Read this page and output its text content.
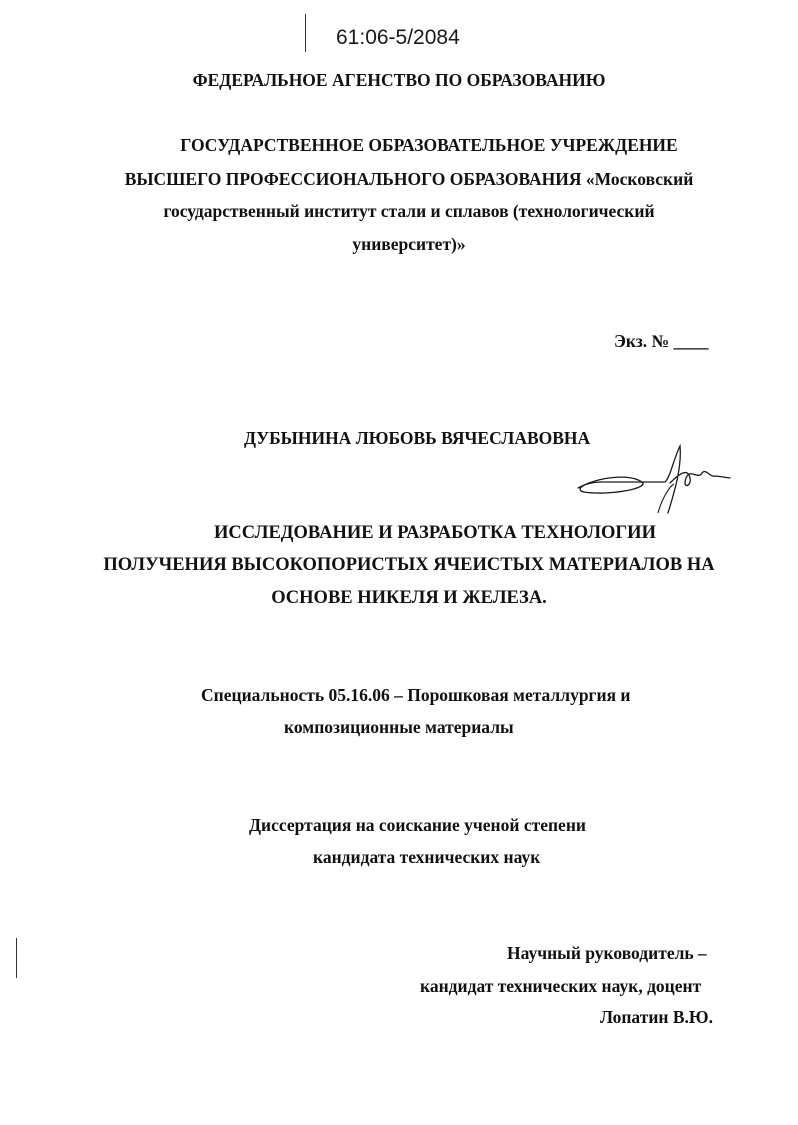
61:06-5/2084
ФЕДЕРАЛЬНОЕ АГЕНСТВО ПО ОБРАЗОВАНИЮ
ГОСУДАРСТВЕННОЕ ОБРАЗОВАТЕЛЬНОЕ УЧРЕЖДЕНИЕ
ВЫСШЕГО ПРОФЕССИОНАЛЬНОГО ОБРАЗОВАНИЯ «Московский
государственный институт стали и сплавов (технологический
университет)»
Экз. № ____
ДУБЫНИНА ЛЮБОВЬ ВЯЧЕСЛАВОВНА
ИССЛЕДОВАНИЕ И РАЗРАБОТКА ТЕХНОЛОГИИ
ПОЛУЧЕНИЯ ВЫСОКОПОРИСТЫХ ЯЧЕИСТЫХ МАТЕРИАЛОВ НА
ОСНОВЕ НИКЕЛЯ И ЖЕЛЕЗА.
Специальность 05.16.06 – Порошковая металлургия и
композиционные материалы
Диссертация на соискание ученой степени
кандидата технических наук
Научный руководитель –
кандидат технических наук, доцент
Лопатин В.Ю.
